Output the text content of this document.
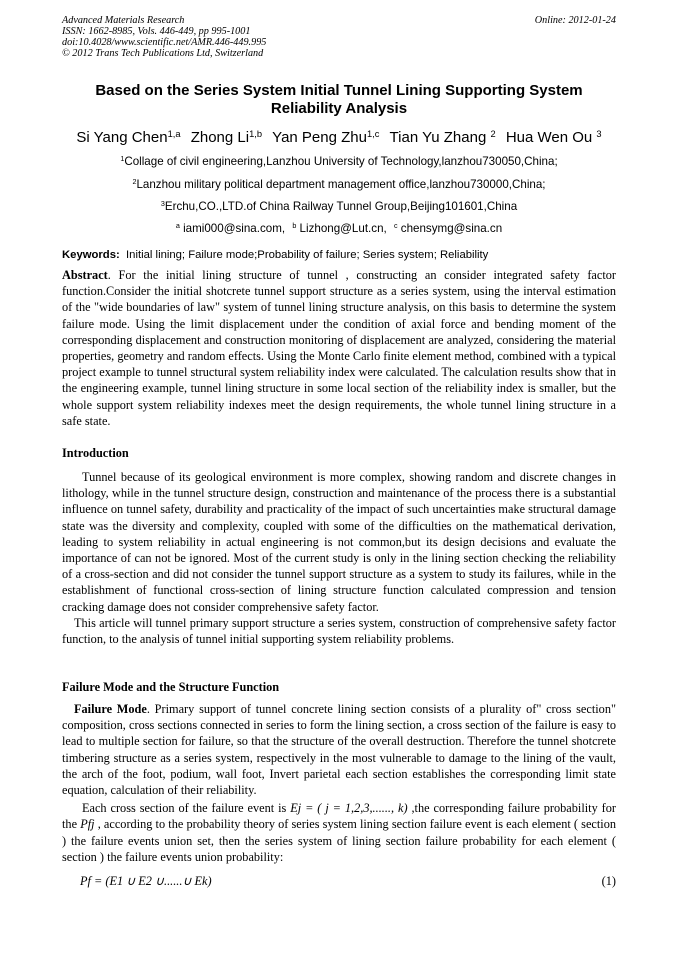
Advanced Materials Research
ISSN: 1662-8985, Vols. 446-449, pp 995-1001
doi:10.4028/www.scientific.net/AMR.446-449.995
© 2012 Trans Tech Publications Ltd, Switzerland
Online: 2012-01-24
Based on the Series System Initial Tunnel Lining Supporting System
Reliability Analysis
Si Yang Chen$^{1,a}$ Zhong Li$^{1,b}$ Yan Peng Zhu$^{1,c}$ Tian Yu Zhang $^2$ Hua Wen Ou $^3$
$^1$Collage of civil engineering,Lanzhou University of Technology,lanzhou730050,China;
$^2$Lanzhou military political department management office,lanzhou730000,China;
$^3$Erchu,CO.,LTD.of China Railway Tunnel Group,Beijing101601,China
$^a$ iami000@sina.com, $^b$ Lizhong@Lut.cn, $^c$ chensymg@sina.cn
Keywords: Initial lining; Failure mode;Probability of failure; Series system; Reliability
Abstract. For the initial lining structure of tunnel , constructing an consider integrated safety factor function.Consider the initial shotcrete tunnel support structure as a series system, using the interval estimation of the "wide boundaries of law" system of tunnel lining structure analysis, on this basis to determine the system failure mode. Using the limit displacement under the condition of axial force and bending moment of the corresponding displacement and construction monitoring of displacement are analyzed, considering the material properties, geometry and random effects. Using the Monte Carlo finite element method, combined with a typical project example to tunnel structural system reliability index were calculated. The calculation results show that in the engineering example, tunnel lining structure in some local section of the reliability index is smaller, but the whole support system reliability indexes meet the design requirements, the whole tunnel lining structure in a safe state.
Introduction

Tunnel because of its geological environment is more complex, showing random and discrete changes in lithology, while in the tunnel structure design, construction and maintenance of the process there is a substantial influence on tunnel safety, durability and practicality of the impact of such uncertainties make structural damage state was the diversity and complexity, coupled with some of the difficulties on the mathematical derivation, leading to system reliability in actual engineering is not common,but its design decisions and evaluate the importance of can not be ignored. Most of the current study is only in the lining section checking the reliability of a cross-section and did not consider the tunnel support structure as a system to study its failures, while in the establishment of functional cross-section of lining structure function calculated compression and tension cracking damage does not consider comprehensive safety factor.

This article will tunnel primary support structure a series system, construction of comprehensive safety factor function, to the analysis of tunnel initial supporting system reliability problems.

Failure Mode and the Structure Function

Failure Mode. Primary support of tunnel concrete lining section consists of a plurality of" cross section" composition, cross sections connected in series to form the lining section, a cross section of the failure is easy to lead to multiple section for failure, so that the structure of the overall destruction. Therefore the tunnel shotcrete timbering structure as a series system, respectively in the most vulnerable to damage to the lining of the vault, the arch of the foot, podium, wall foot, Invert parietal each section establishes the corresponding limit state equation, calculation of their reliability.

Each cross section of the failure event is Ej = ( j = 1,2,3,......, k) ,the corresponding failure probability for the Pfj , according to the probability theory of series system lining section failure event is each element ( section ) the failure events union set, then the series system of lining section failure probability for each element ( section ) the failure events union probability:

Pf = (E1 ∪ E2 ∪......∪ Ek)	(1)
